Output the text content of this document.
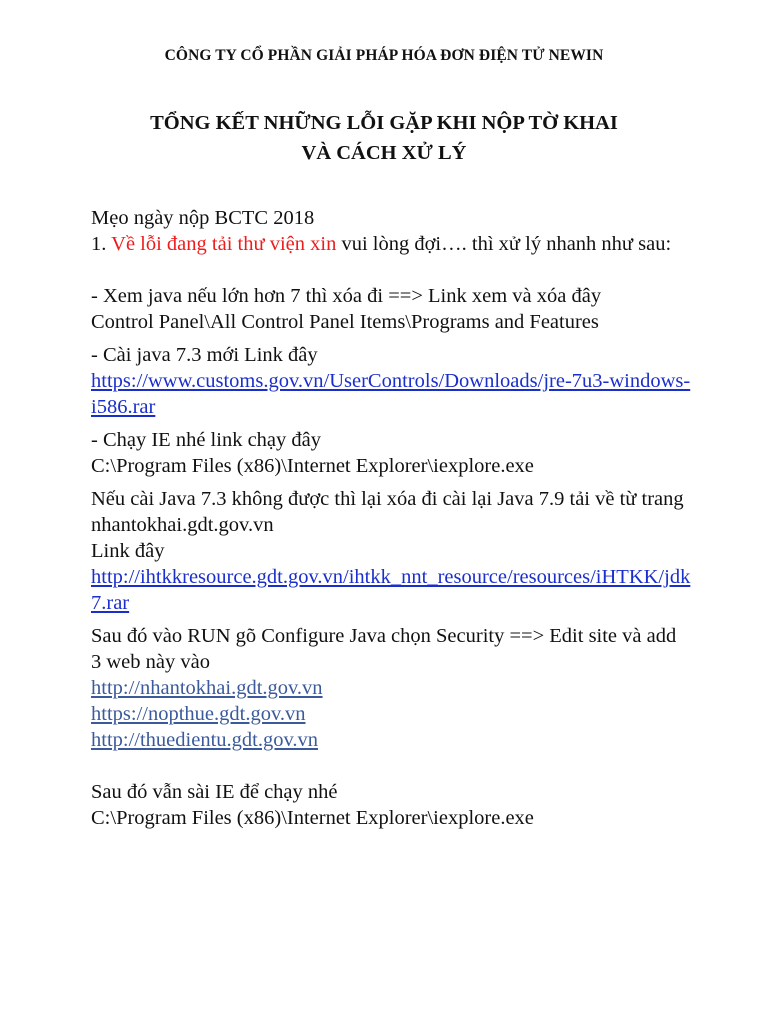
CÔNG TY CỔ PHẦN GIẢI PHÁP HÓA ĐƠN ĐIỆN TỬ NEWIN
TỔNG KẾT NHỮNG LỖI GẶP KHI NỘP TỜ KHAI
VÀ CÁCH XỬ LÝ

Mẹo ngày nộp BCTC 2018

1. Về lỗi đang tải thư viện xin vui lòng đợi…. thì xử lý nhanh như sau:

- Xem java nếu lớn hơn 7 thì xóa đi ==> Link xem và xóa đây

Control Panel\All Control Panel Items\Programs and Features

- Cài java 7.3 mới Link đây

https://www.customs.gov.vn/UserControls/Downloads/jre-7u3-windows-i586.rar

- Chạy IE nhé link chạy đây

C:\Program Files (x86)\Internet Explorer\iexplore.exe

Nếu cài Java 7.3 không được thì lại xóa đi cài lại Java 7.9 tải về từ trang nhantokhai.gdt.gov.vn

Link đây

http://ihtkkresource.gdt.gov.vn/ihtkk_nnt_resource/resources/iHTKK/jdk7.rar

Sau đó vào RUN gõ Configure Java chọn Security ==> Edit site và add 3 web này vào

http://nhantokhai.gdt.gov.vn

https://nopthue.gdt.gov.vn

http://thuedientu.gdt.gov.vn

Sau đó vẫn sài IE để chạy nhé

C:\Program Files (x86)\Internet Explorer\iexplore.exe
